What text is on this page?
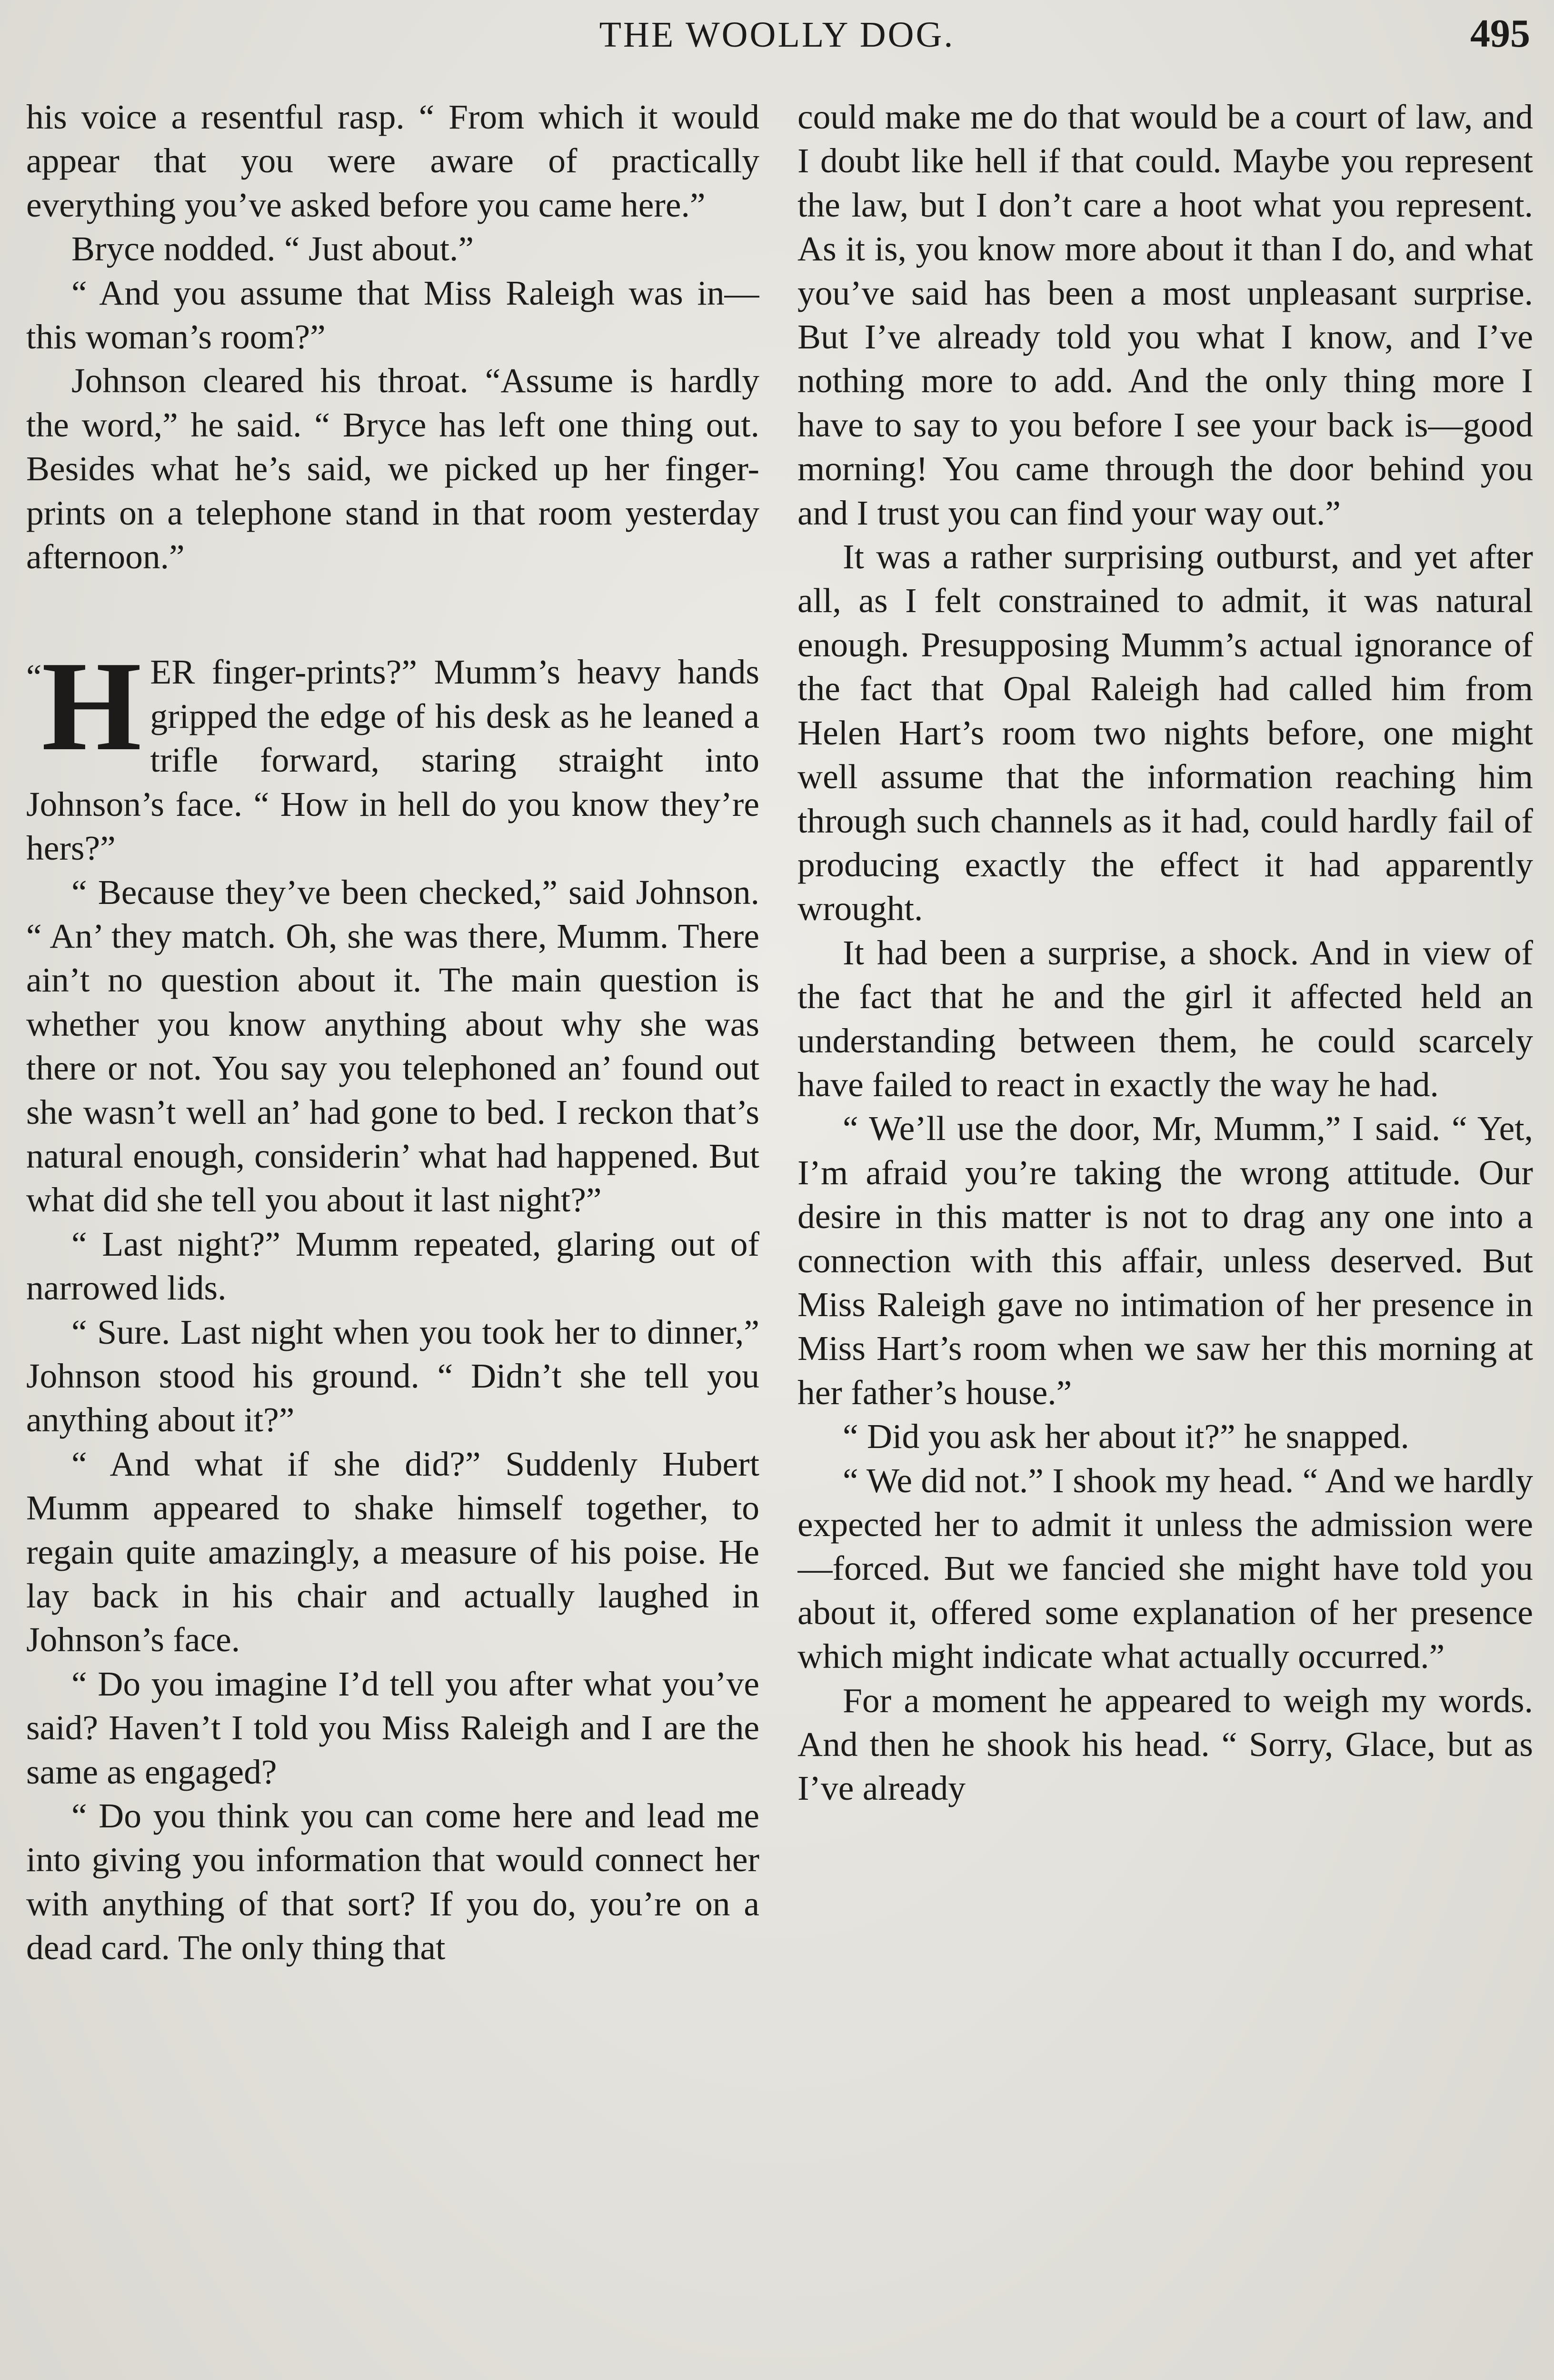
THE WOOLLY DOG.	495

his voice a resentful rasp. “ From which it would appear that you were aware of practically everything you’ve asked before you came here.”

Bryce nodded. “ Just about.”

“ And you assume that Miss Raleigh was in—this woman’s room?”

Johnson cleared his throat. “Assume is hardly the word,” he said. “ Bryce has left one thing out. Besides what he’s said, we picked up her finger-prints on a telephone stand in that room yesterday afternoon.”

“ H ER finger-prints?” Mumm’s heavy hands gripped the edge of his desk as he leaned a trifle forward, staring straight into Johnson’s face. “ How in hell do you know they’re hers?”

“ Because they’ve been checked,” said Johnson. “ An’ they match. Oh, she was there, Mumm. There ain’t no question about it. The main question is whether you know anything about why she was there or not. You say you telephoned an’ found out she wasn’t well an’ had gone to bed. I reckon that’s natural enough, considerin’ what had happened. But what did she tell you about it last night?”

“ Last night?” Mumm repeated, glaring out of narrowed lids.

“ Sure. Last night when you took her to dinner,” Johnson stood his ground. “ Didn’t she tell you anything about it?”

“ And what if she did?” Suddenly Hubert Mumm appeared to shake himself together, to regain quite amazingly, a measure of his poise. He lay back in his chair and actually laughed in Johnson’s face.

“ Do you imagine I’d tell you after what you’ve said? Haven’t I told you Miss Raleigh and I are the same as engaged?

“ Do you think you can come here and lead me into giving you information that would connect her with anything of that sort? If you do, you’re on a dead card. The only thing that

could make me do that would be a court of law, and I doubt like hell if that could. Maybe you represent the law, but I don’t care a hoot what you represent. As it is, you know more about it than I do, and what you’ve said has been a most unpleasant surprise. But I’ve already told you what I know, and I’ve nothing more to add. And the only thing more I have to say to you before I see your back is—good morning! You came through the door behind you and I trust you can find your way out.”

It was a rather surprising outburst, and yet after all, as I felt constrained to admit, it was natural enough. Presupposing Mumm’s actual ignorance of the fact that Opal Raleigh had called him from Helen Hart’s room two nights before, one might well assume that the information reaching him through such channels as it had, could hardly fail of producing exactly the effect it had apparently wrought.

It had been a surprise, a shock. And in view of the fact that he and the girl it affected held an understanding between them, he could scarcely have failed to react in exactly the way he had.

“ We’ll use the door, Mr, Mumm,” I said. “ Yet, I’m afraid you’re taking the wrong attitude. Our desire in this matter is not to drag any one into a connection with this affair, unless deserved. But Miss Raleigh gave no intimation of her presence in Miss Hart’s room when we saw her this morning at her father’s house.”

“ Did you ask her about it?” he snapped.

“ We did not.” I shook my head. “ And we hardly expected her to admit it unless the admission were—forced. But we fancied she might have told you about it, offered some explanation of her presence which might indicate what actually occurred.”

For a moment he appeared to weigh my words. And then he shook his head. “ Sorry, Glace, but as I’ve already
